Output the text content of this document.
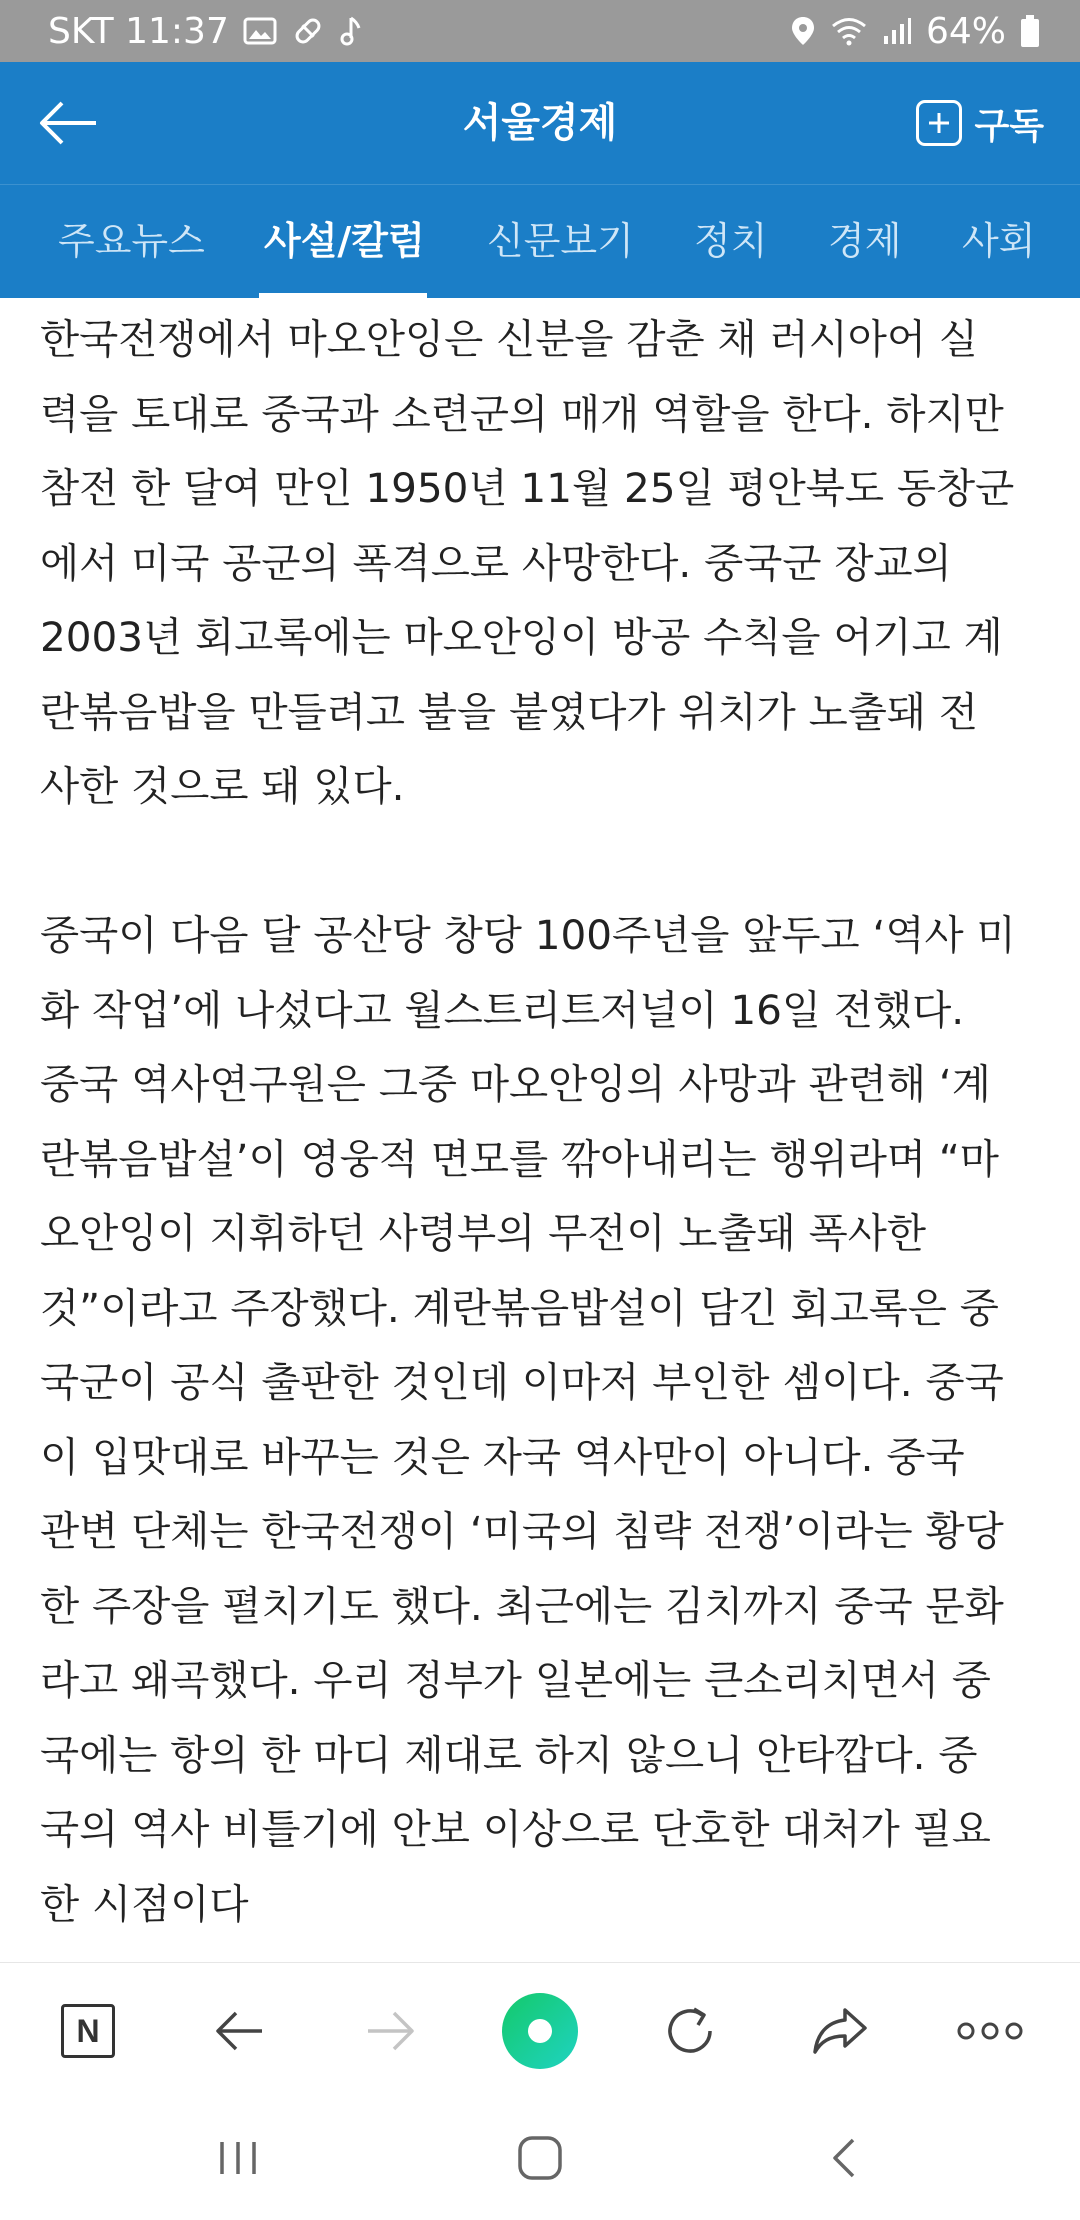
SKT 11:37	64%
서울경제	구독
주요뉴스 사설/칼럼 신문보기 정치 경제 사회

한국전쟁에서 마오안잉은 신분을 감춘 채 러시아어 실
력을 토대로 중국과 소련군의 매개 역할을 한다. 하지만
참전 한 달여 만인 1950년 11월 25일 평안북도 동창군
에서 미국 공군의 폭격으로 사망한다. 중국군 장교의
2003년 회고록에는 마오안잉이 방공 수칙을 어기고 계
란볶음밥을 만들려고 불을 붙였다가 위치가 노출돼 전
사한 것으로 돼 있다.

중국이 다음 달 공산당 창당 100주년을 앞두고 ‘역사 미
화 작업’에 나섰다고 월스트리트저널이 16일 전했다.
중국 역사연구원은 그중 마오안잉의 사망과 관련해 ‘계
란볶음밥설’이 영웅적 면모를 깎아내리는 행위라며 “마
오안잉이 지휘하던 사령부의 무전이 노출돼 폭사한
것”이라고 주장했다. 계란볶음밥설이 담긴 회고록은 중
국군이 공식 출판한 것인데 이마저 부인한 셈이다. 중국
이 입맛대로 바꾸는 것은 자국 역사만이 아니다. 중국
관변 단체는 한국전쟁이 ‘미국의 침략 전쟁’이라는 황당
한 주장을 펼치기도 했다. 최근에는 김치까지 중국 문화
라고 왜곡했다. 우리 정부가 일본에는 큰소리치면서 중
국에는 항의 한 마디 제대로 하지 않으니 안타깝다. 중
국의 역사 비틀기에 안보 이상으로 단호한 대처가 필요
한 시점이다

N
